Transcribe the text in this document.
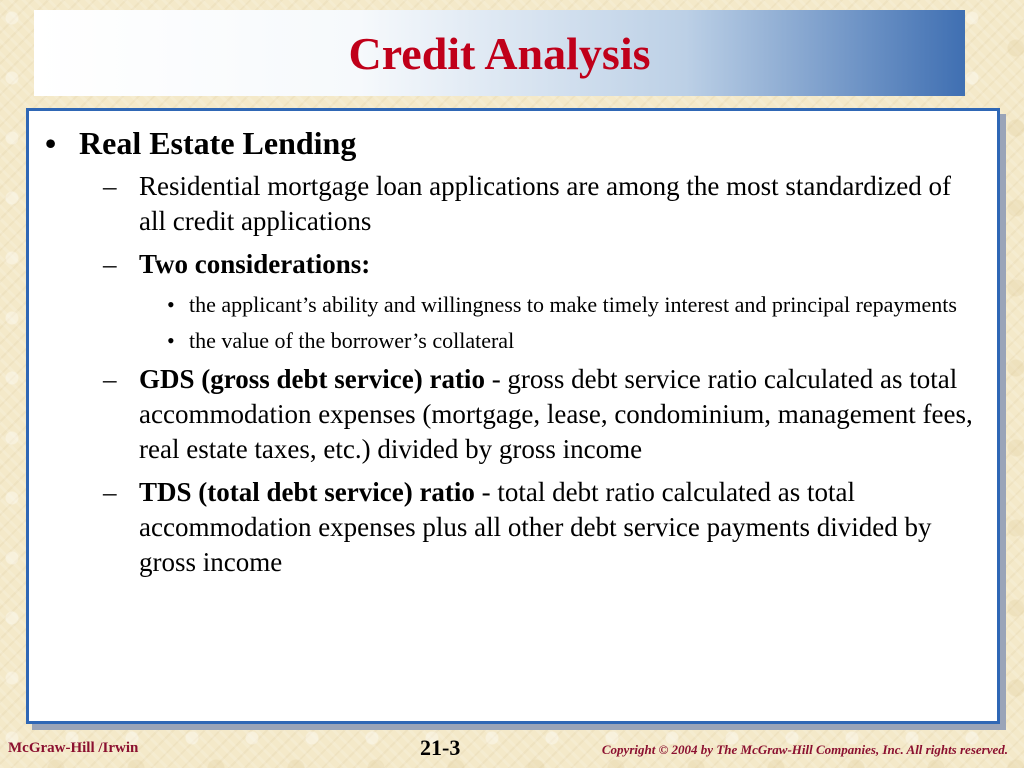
Credit Analysis
• Real Estate Lending
– Residential mortgage loan applications are among the most standardized of all credit applications
– Two considerations:
• the applicant’s ability and willingness to make timely interest and principal repayments
• the value of the borrower’s collateral
– GDS (gross debt service) ratio - gross debt service ratio calculated as total accommodation expenses (mortgage, lease, condominium, management fees, real estate taxes, etc.) divided by gross income
– TDS (total debt service) ratio - total debt ratio calculated as total accommodation expenses plus all other debt service payments divided by gross income
McGraw-Hill /Irwin	21-3	Copyright © 2004 by The McGraw-Hill Companies, Inc. All rights reserved.
